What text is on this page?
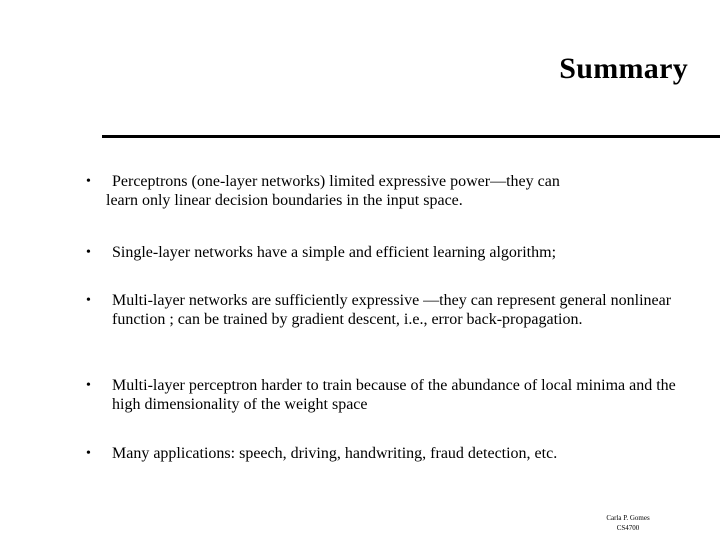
Summary
• Perceptrons (one-layer networks) limited expressive power—they can
learn only linear decision boundaries in the input space.
• Single-layer networks have a simple and efficient learning algorithm;
• Multi-layer networks are sufficiently expressive —they can represent general nonlinear function ; can be trained by gradient descent, i.e., error back-propagation.
• Multi-layer perceptron harder to train because of the abundance of local minima and the high dimensionality of the weight space
• Many applications: speech, driving, handwriting, fraud detection, etc.
Carla P. Gomes
CS4700
